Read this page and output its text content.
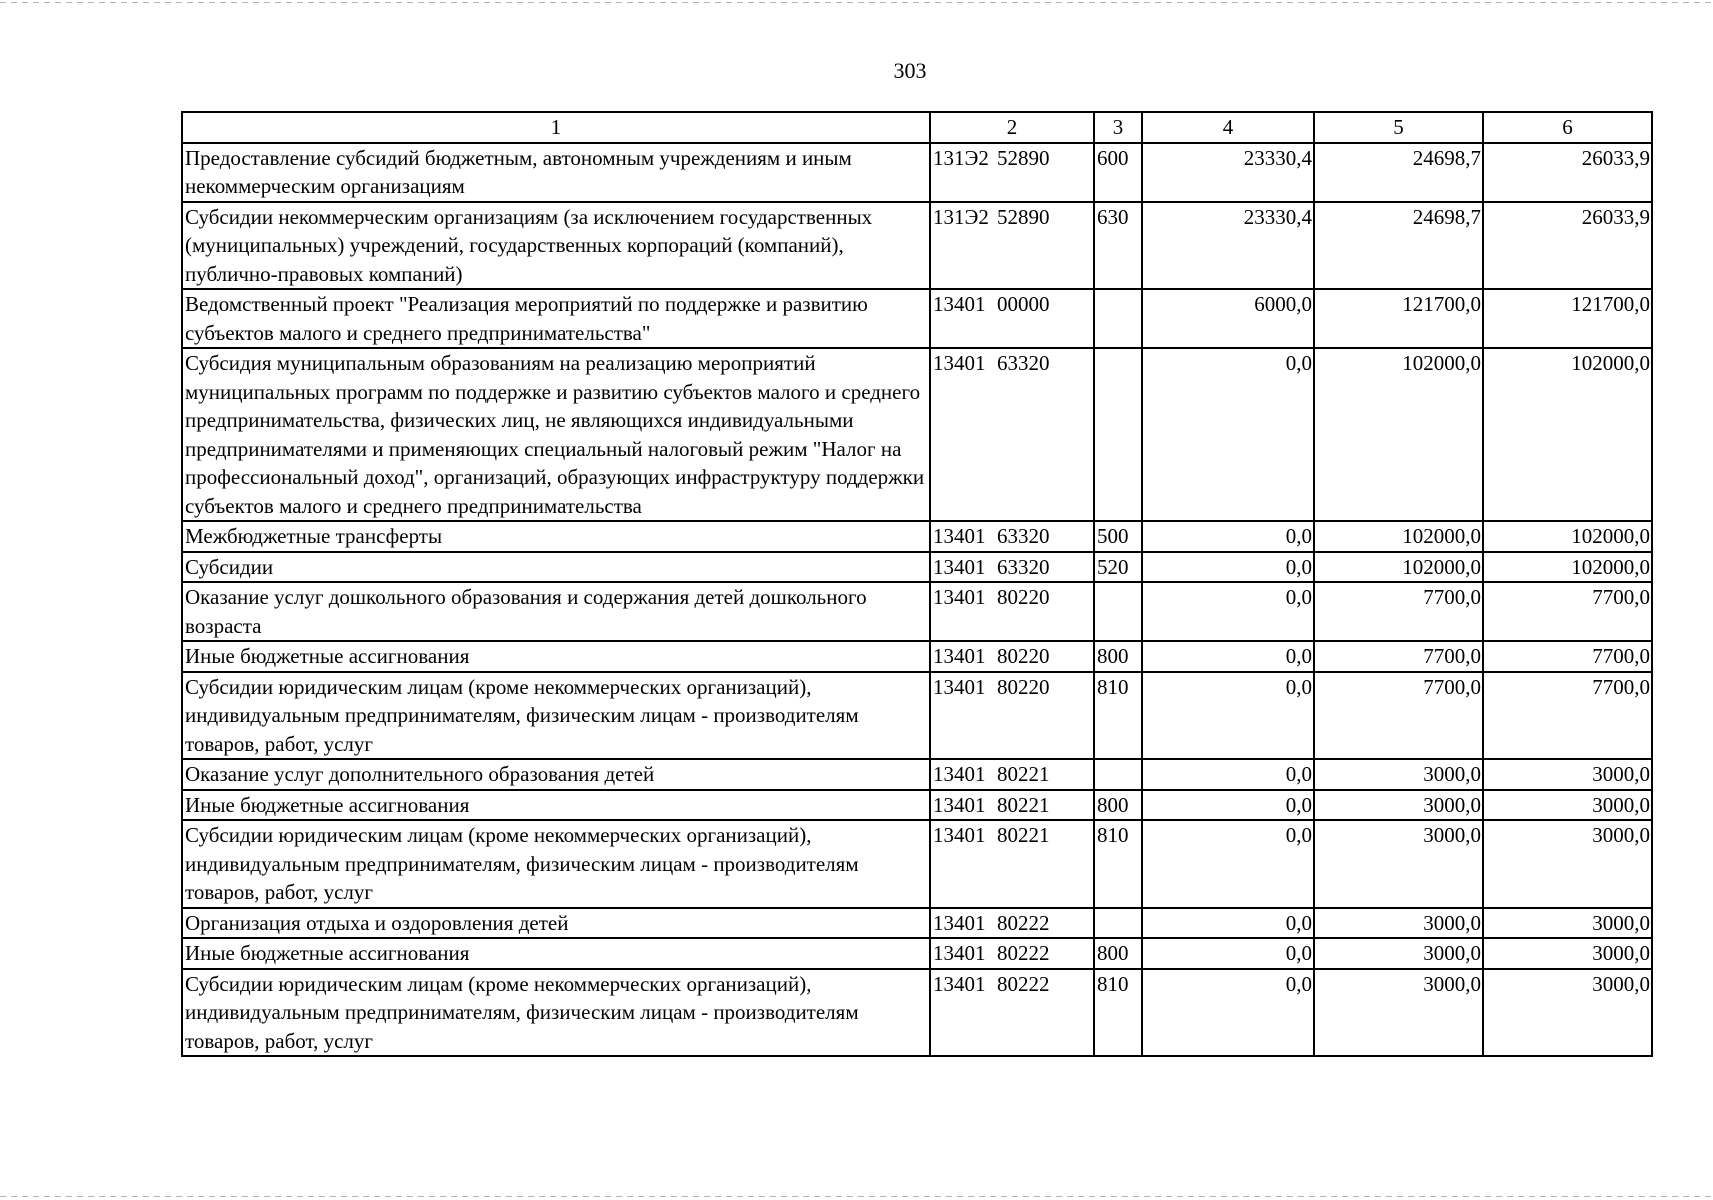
303
1	2	3	4	5	6
Предоставление субсидий бюджетным, автономным учреждениям и иным некоммерческим организациям	131Э2 52890	600	23330,4	24698,7	26033,9
Субсидии некоммерческим организациям (за исключением государственных (муниципальных) учреждений, государственных корпораций (компаний), публично-правовых компаний)	131Э2 52890	630	23330,4	24698,7	26033,9
Ведомственный проект "Реализация мероприятий по поддержке и развитию субъектов малого и среднего предпринимательства"	13401 00000		6000,0	121700,0	121700,0
Субсидия муниципальным образованиям на реализацию мероприятий муниципальных программ по поддержке и развитию субъектов малого и среднего предпринимательства, физических лиц, не являющихся индивидуальными предпринимателями и применяющих специальный налоговый режим "Налог на профессиональный доход", организаций, образующих инфраструктуру поддержки субъектов малого и среднего предпринимательства	13401 63320		0,0	102000,0	102000,0
Межбюджетные трансферты	13401 63320	500	0,0	102000,0	102000,0
Субсидии	13401 63320	520	0,0	102000,0	102000,0
Оказание услуг дошкольного образования и содержания детей дошкольного возраста	13401 80220		0,0	7700,0	7700,0
Иные бюджетные ассигнования	13401 80220	800	0,0	7700,0	7700,0
Субсидии юридическим лицам (кроме некоммерческих организаций), индивидуальным предпринимателям, физическим лицам - производителям товаров, работ, услуг	13401 80220	810	0,0	7700,0	7700,0
Оказание услуг дополнительного образования детей	13401 80221		0,0	3000,0	3000,0
Иные бюджетные ассигнования	13401 80221	800	0,0	3000,0	3000,0
Субсидии юридическим лицам (кроме некоммерческих организаций), индивидуальным предпринимателям, физическим лицам - производителям товаров, работ, услуг	13401 80221	810	0,0	3000,0	3000,0
Организация отдыха и оздоровления детей	13401 80222		0,0	3000,0	3000,0
Иные бюджетные ассигнования	13401 80222	800	0,0	3000,0	3000,0
Субсидии юридическим лицам (кроме некоммерческих организаций), индивидуальным предпринимателям, физическим лицам - производителям товаров, работ, услуг	13401 80222	810	0,0	3000,0	3000,0
